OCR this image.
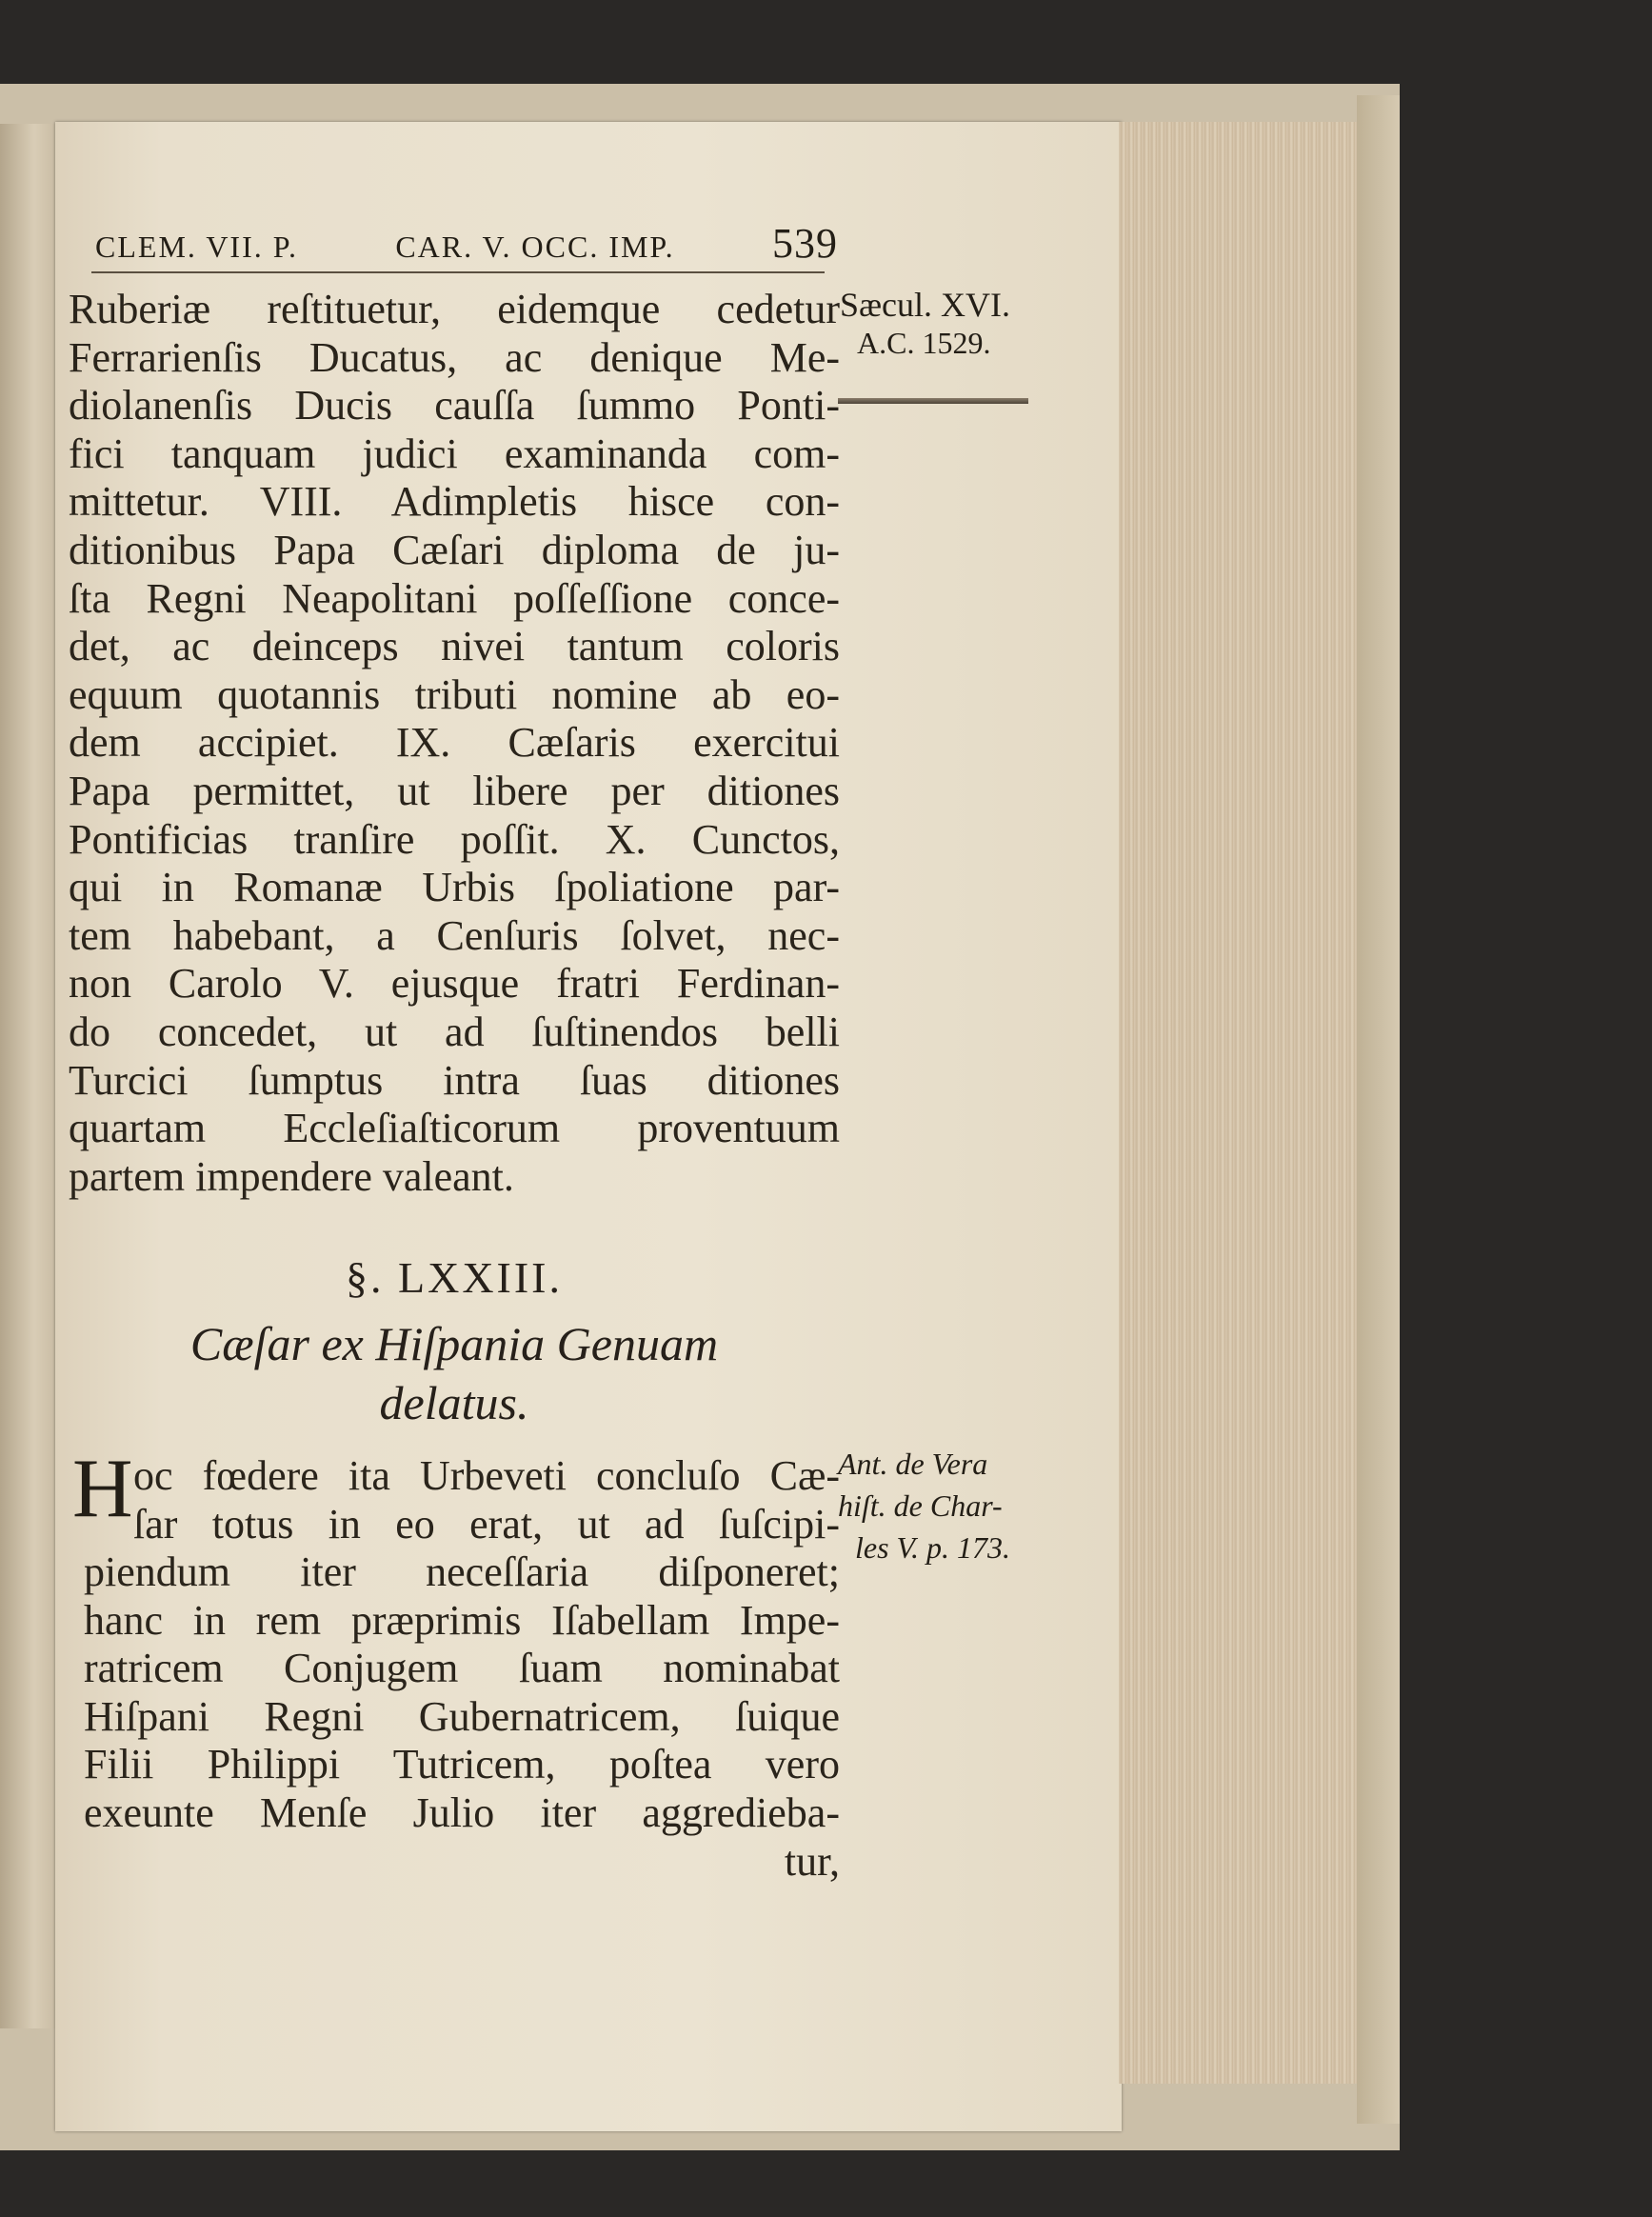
CLEM. VII. P.	CAR. V. OCC. IMP. 539
Sæcul. XVI.
A.C. 1529.
Ruberiæ reſtituetur, eidemque cedetur
Ferrarienſis Ducatus, ac denique Me-
diolanenſis Ducis cauſſa ſummo Ponti-
fici tanquam judici examinanda com-
mittetur. VIII. Adimpletis hisce con-
ditionibus Papa Cæſari diploma de ju-
ſta Regni Neapolitani poſſeſſione conce-
det, ac deinceps nivei tantum coloris
equum quotannis tributi nomine ab eo-
dem accipiet. IX. Cæſaris exercitui
Papa permittet, ut libere per ditiones
Pontificias tranſire poſſit. X. Cunctos,
qui in Romanæ Urbis ſpoliatione par-
tem habebant, a Cenſuris ſolvet, nec-
non Carolo V. ejusque fratri Ferdinan-
do concedet, ut ad ſuſtinendos belli
Turcici ſumptus intra ſuas ditiones
quartam Eccleſiaſticorum proventuum
partem impendere valeant.
§. LXXIII.
Cæſar ex Hiſpania Genuam
delatus.
Ant. de Vera
hiſt. de Char-
les V. p. 173.
H oc fœdere ita Urbeveti concluſo Cæ-
ſar totus in eo erat, ut ad ſuſcipi-
piendum iter neceſſaria diſponeret;
hanc in rem præprimis Iſabellam Impe-
ratricem Conjugem ſuam nominabat
Hiſpani Regni Gubernatricem, ſuique
Filii Philippi Tutricem, poſtea vero
exeunte Menſe Julio iter aggredieba-
tur,
